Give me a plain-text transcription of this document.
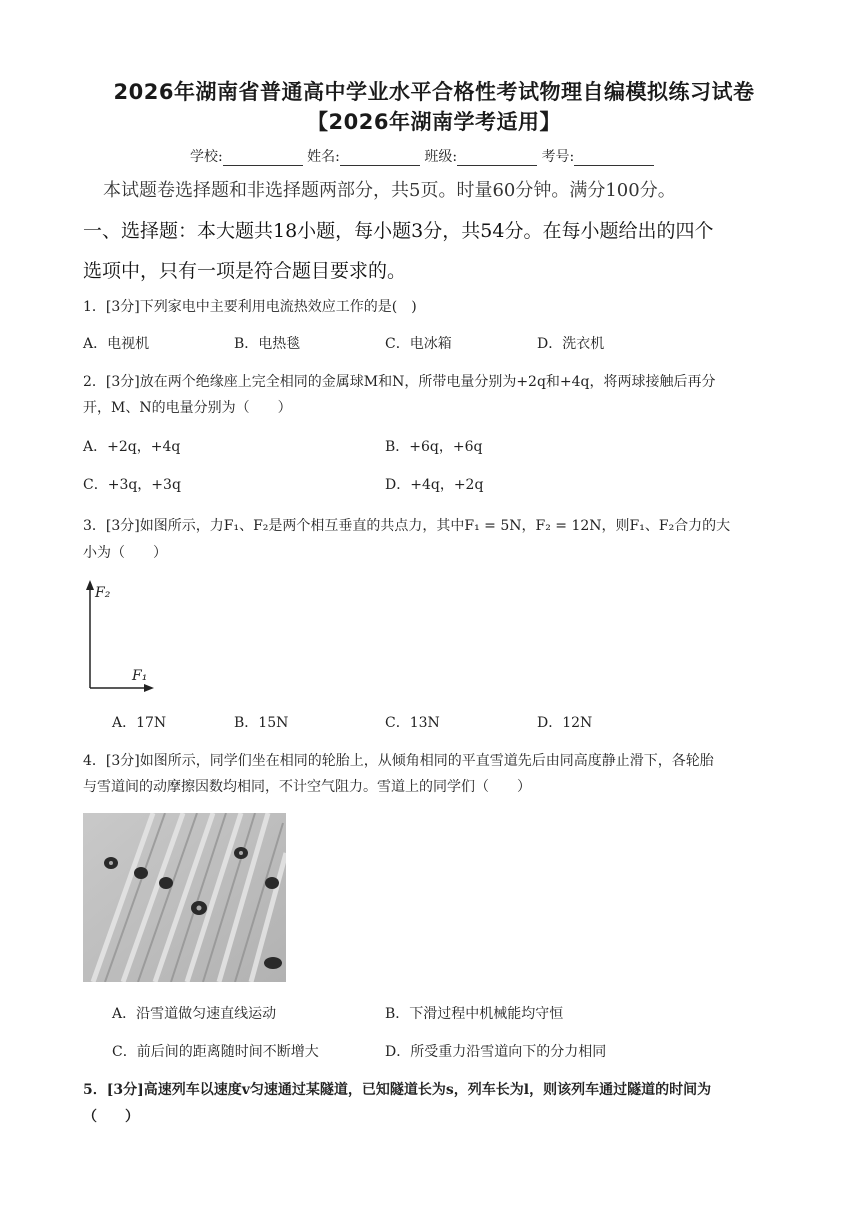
2026年湖南省普通高中学业水平合格性考试物理自编模拟练习试卷
【2026年湖南学考适用】
学校:	姓名:	班级:	考号:
本试题卷选择题和非选择题两部分，共5页。时量60分钟。满分100分。
一、选择题：本大题共18小题，每小题3分，共54分。在每小题给出的四个
选项中，只有一项是符合题目要求的。
1．[3分]下列家电中主要利用电流热效应工作的是(　)
A．电视机	B．电热毯	C．电冰箱	D．洗衣机
2．[3分]放在两个绝缘座上完全相同的金属球M和N，所带电量分别为+2q和+4q，将两球接触后再分
开，M、N的电量分别为（　　）
A．+2q，+4q	B．+6q，+6q
C．+3q，+3q	D．+4q，+2q
3．[3分]如图所示，力F₁、F₂是两个相互垂直的共点力，其中F₁ = 5N，F₂ = 12N，则F₁、F₂合力的大
小为（　　）
F₂
F₁
A．17N	B．15N	C．13N	D．12N
4．[3分]如图所示，同学们坐在相同的轮胎上，从倾角相同的平直雪道先后由同高度静止滑下，各轮胎
与雪道间的动摩擦因数均相同，不计空气阻力。雪道上的同学们（　　）
A．沿雪道做匀速直线运动	B．下滑过程中机械能均守恒
C．前后间的距离随时间不断增大	D．所受重力沿雪道向下的分力相同
5．[3分]高速列车以速度v匀速通过某隧道，已知隧道长为s，列车长为l，则该列车通过隧道的时间为
（　　）
